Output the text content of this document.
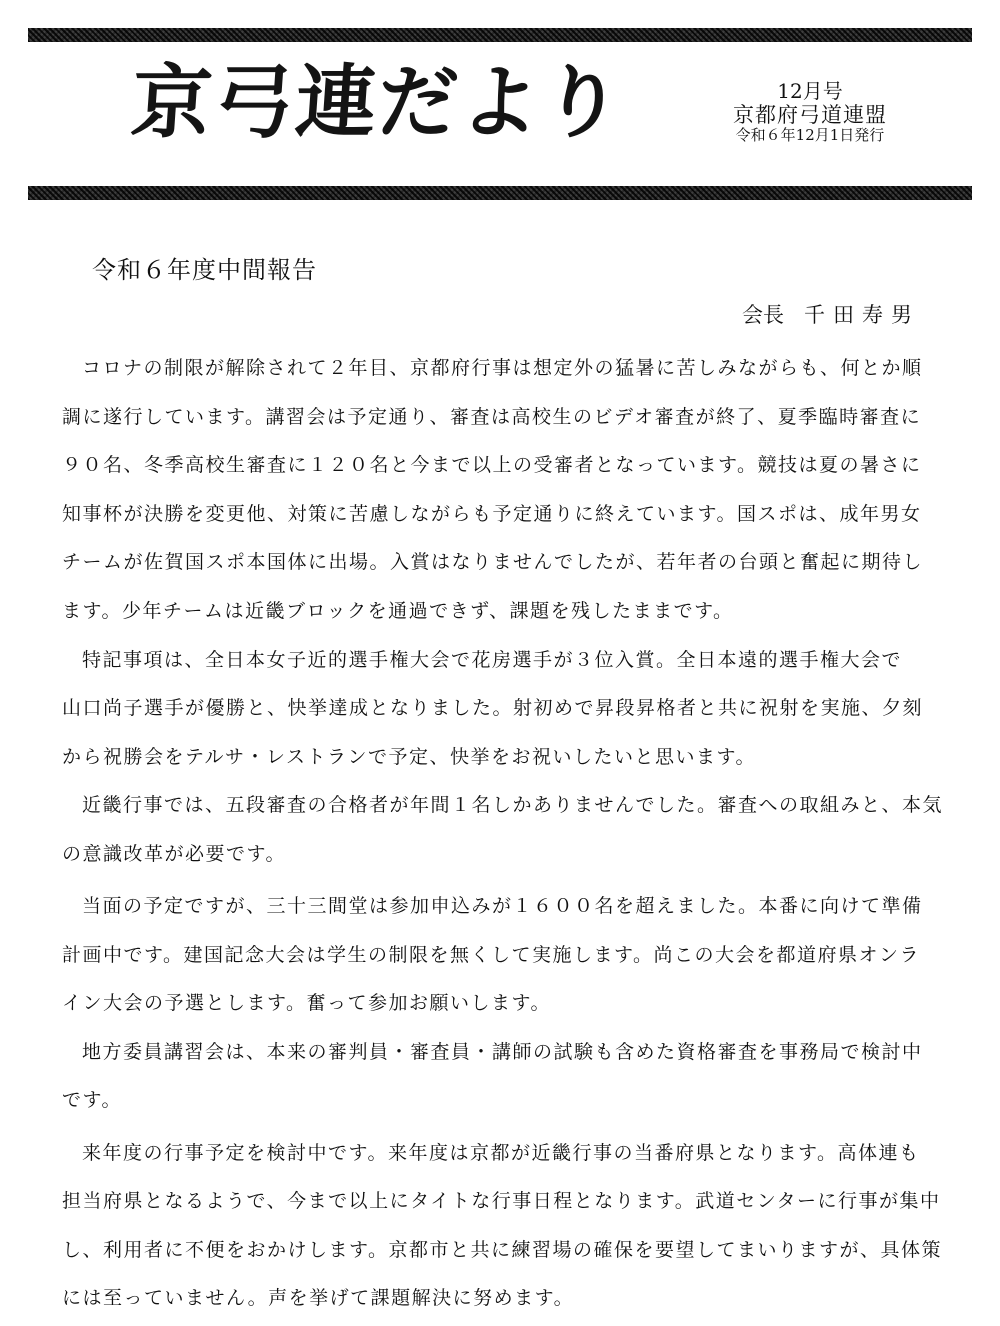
京弓連だより	12月号
京都府弓道連盟
令和６年12月1日発行
令和６年度中間報告
会長 千田寿男
コロナの制限が解除されて２年目、京都府行事は想定外の猛暑に苦しみながらも、何とか順
調に遂行しています。講習会は予定通り、審査は高校生のビデオ審査が終了、夏季臨時審査に
９０名、冬季高校生審査に１２０名と今まで以上の受審者となっています。競技は夏の暑さに
知事杯が決勝を変更他、対策に苦慮しながらも予定通りに終えています。国スポは、成年男女
チームが佐賀国スポ本国体に出場。入賞はなりませんでしたが、若年者の台頭と奮起に期待し
ます。少年チームは近畿ブロックを通過できず、課題を残したままです。
特記事項は、全日本女子近的選手権大会で花房選手が３位入賞。全日本遠的選手権大会で
山口尚子選手が優勝と、快挙達成となりました。射初めで昇段昇格者と共に祝射を実施、夕刻
から祝勝会をテルサ・レストランで予定、快挙をお祝いしたいと思います。
近畿行事では、五段審査の合格者が年間１名しかありませんでした。審査への取組みと、本気
の意識改革が必要です。
当面の予定ですが、三十三間堂は参加申込みが１６００名を超えました。本番に向けて準備
計画中です。建国記念大会は学生の制限を無くして実施します。尚この大会を都道府県オンラ
イン大会の予選とします。奮って参加お願いします。
地方委員講習会は、本来の審判員・審査員・講師の試験も含めた資格審査を事務局で検討中
です。
来年度の行事予定を検討中です。来年度は京都が近畿行事の当番府県となります。高体連も
担当府県となるようで、今まで以上にタイトな行事日程となります。武道センターに行事が集中
し、利用者に不便をおかけします。京都市と共に練習場の確保を要望してまいりますが、具体策
には至っていません。声を挙げて課題解決に努めます。
